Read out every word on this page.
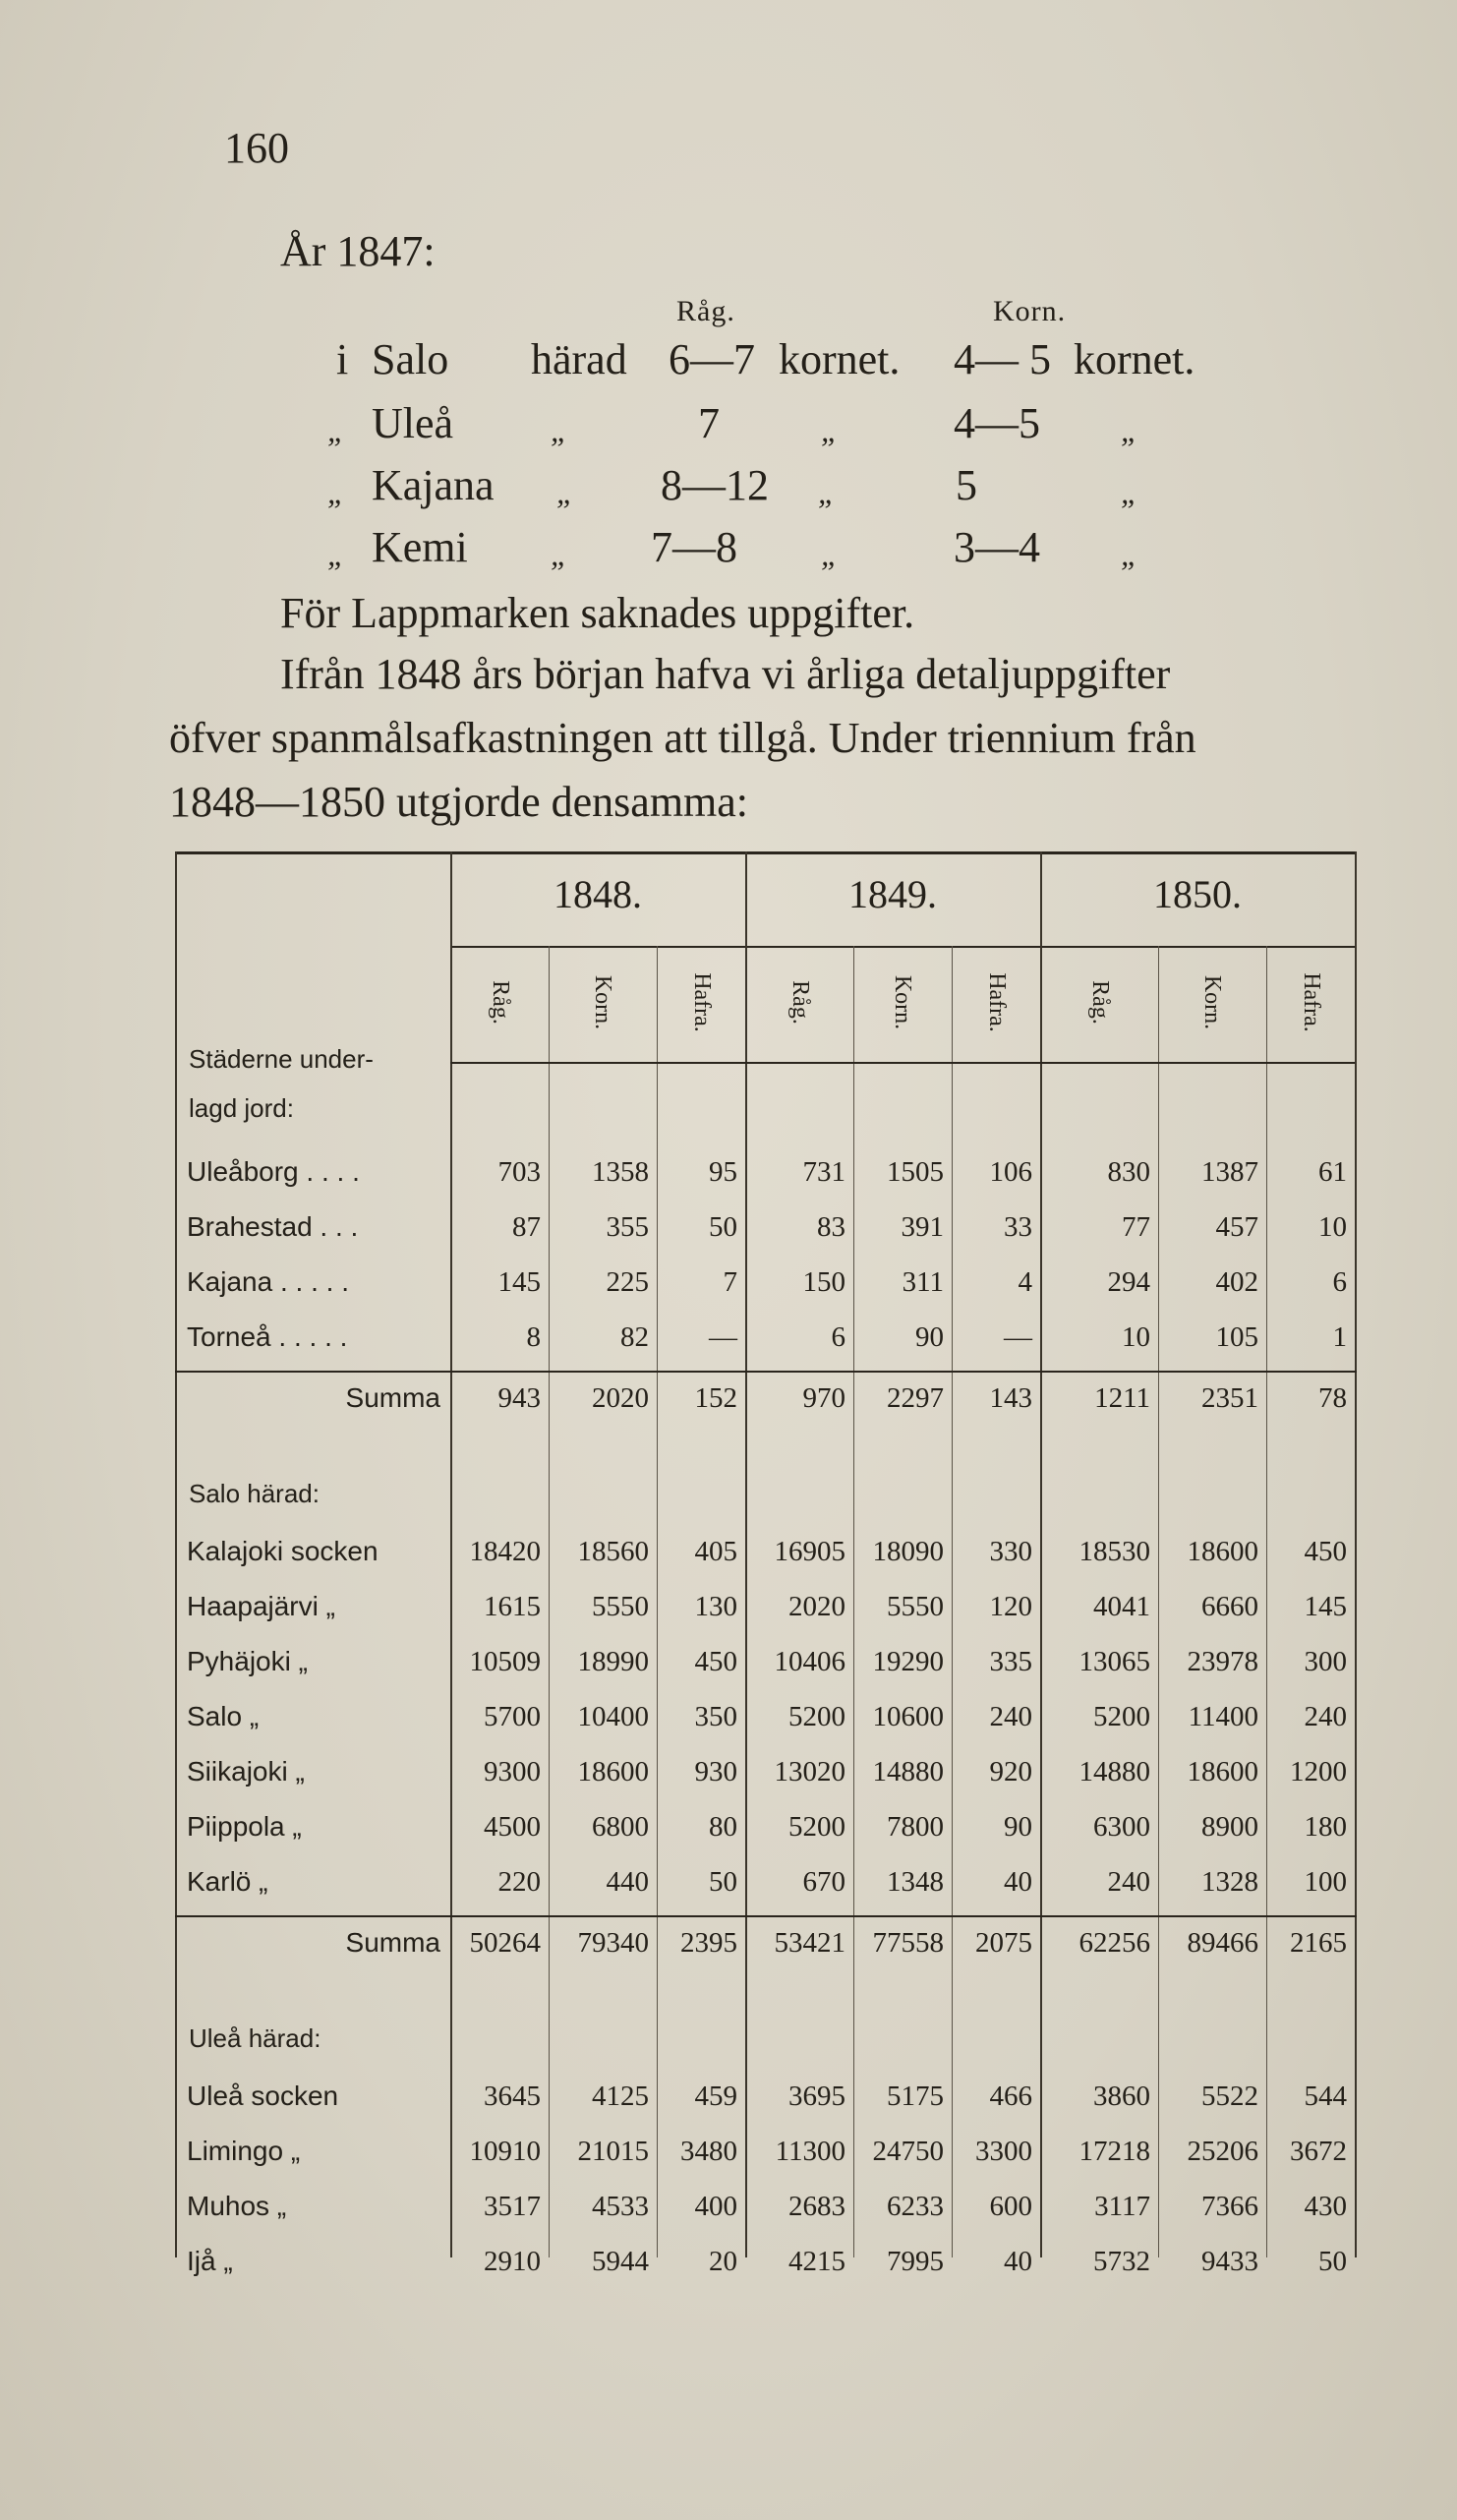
160
År 1847:
Råg.	Korn.
i Salo härad 6—7 kornet. 4— 5 kornet.
„ Uleå	„	7	„	4—5	„
„ Kajana „ 8—12 „	5	„
„ Kemi	„ 7—8	„	3—4	„
För Lappmarken saknades uppgifter.
Ifrån 1848 års början hafva vi årliga detaljuppgifter
öfver spanmålsafkastningen att tillgå. Under triennium från
1848—1850 utgjorde densamma:
Städerne under-
lagd jord:
1848.	1849.	1850.
Råg.	Korn.	Hafra.	Råg.	Korn.	Hafra.	Råg.	Korn.	Hafra.
Uleåborg . . . .	703	1358	95	731	1505	106	830	1387	61
Brahestad . . .	87	355	50	83	391	33	77	457	10
Kajana . . . . .	145	225	7	150	311	4	294	402	6
Torneå . . . . .	8	82	—	6	90	—	10	105	1
Summa	943	2020	152	970	2297	143	1211	2351	78
Salo härad:
Kalajoki socken	18420	18560	405	16905 18090	330	18530	18600	450
Haapajärvi „	1615	5550	130	2020	5550	120	4041	6660	145
Pyhäjoki „	10509	18990	450	10406 19290	335	13065	23978	300
Salo „	5700	10400	350	5200 10600	240	5200	11400	240
Siikajoki „	9300	18600	930	13020 14880	920	14880	18600	1200
Piippola „	4500	6800	80	5200	7800	90	6300	8900	180
Karlö „	220	440	50	670	1348	40	240	1328	100
Summa	50264	79340	2395	53421 77558	2075	62256	89466	2165
Uleå härad:
Uleå socken	3645	4125	459	3695	5175	466	3860	5522	544
Limingo „	10910	21015	3480	11300 24750	3300	17218	25206	3672
Muhos „	3517	4533	400	2683	6233	600	3117	7366	430
Ijå „	2910	5944	20	4215	7995	40	5732	9433	50
